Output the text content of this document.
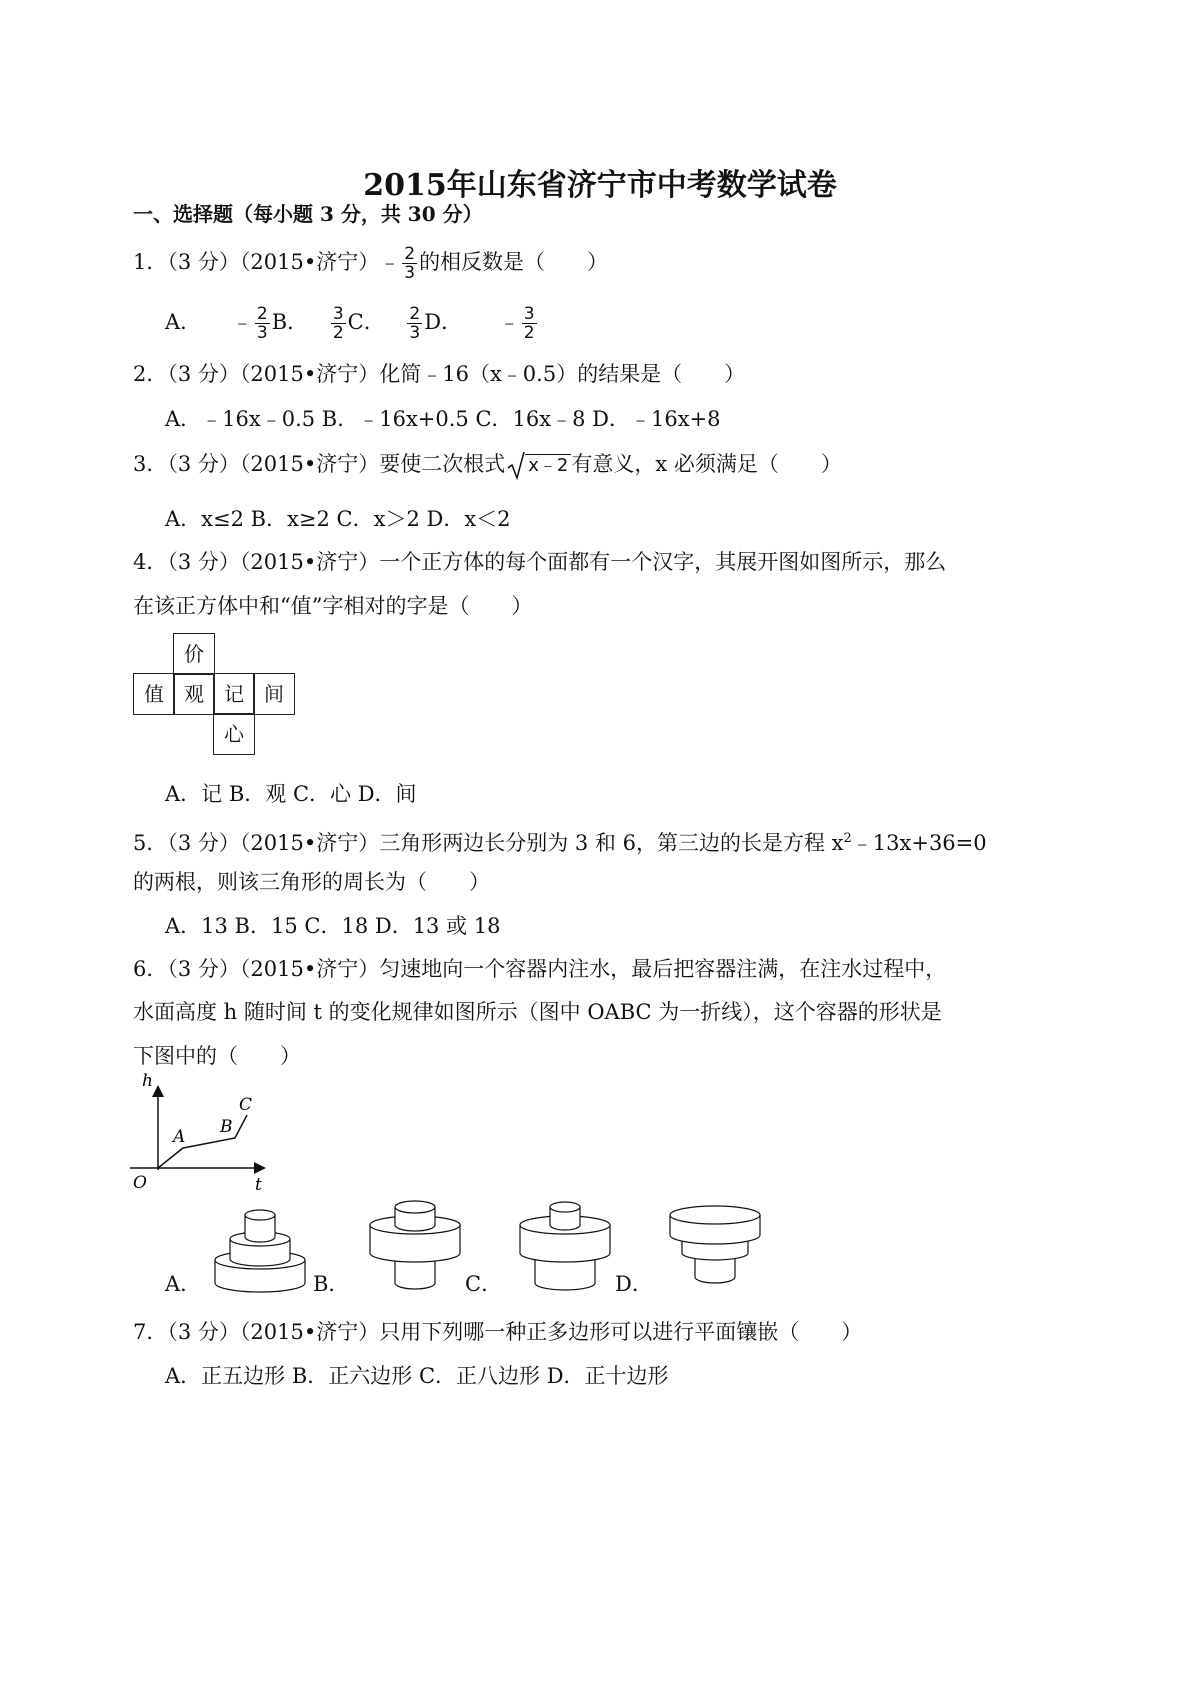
2015年山东省济宁市中考数学试卷
一、选择题（每小题 3 分，共 30 分）
1．（3 分）（2015•济宁）﹣ $\frac{2}{3}$ 的相反数是（　　）
A． ﹣ $\frac{2}{3}$ B． $\frac{3}{2}$ C． $\frac{2}{3}$ D． ﹣ $\frac{3}{2}$
2．（3 分）（2015•济宁）化简﹣16（x﹣0.5）的结果是（　　）
A．﹣16x﹣0.5 B．﹣16x+0.5 C．16x﹣8 D．﹣16x+8
3．（3 分）（2015•济宁）要使二次根式 x﹣2 有意义，x 必须满足（　　）
A．x≤2 B．x≥2 C．x＞2 D．x＜2
4．（3 分）（2015•济宁）一个正方体的每个面都有一个汉字，其展开图如图所示，那么
在该正方体中和“值”字相对的字是（　　）
价
值	观	记	间
心
A．记 B．观 C．心 D．间
5．（3 分）（2015•济宁）三角形两边长分别为 3 和 6，第三边的长是方程 $x^2﹣13x+36=0$
的两根，则该三角形的周长为（　　）
A．13 B．15 C．18 D．13 或 18
6．（3 分）（2015•济宁）匀速地向一个容器内注水，最后把容器注满，在注水过程中，
水面高度 h 随时间 t 的变化规律如图所示（图中 OABC 为一折线），这个容器的形状是
下图中的（　　）
h
t
O
A B
C
A．	B．	C．	D．
7．（3 分）（2015•济宁）只用下列哪一种正多边形可以进行平面镶嵌（　　）
A．正五边形 B．正六边形 C．正八边形 D．正十边形
